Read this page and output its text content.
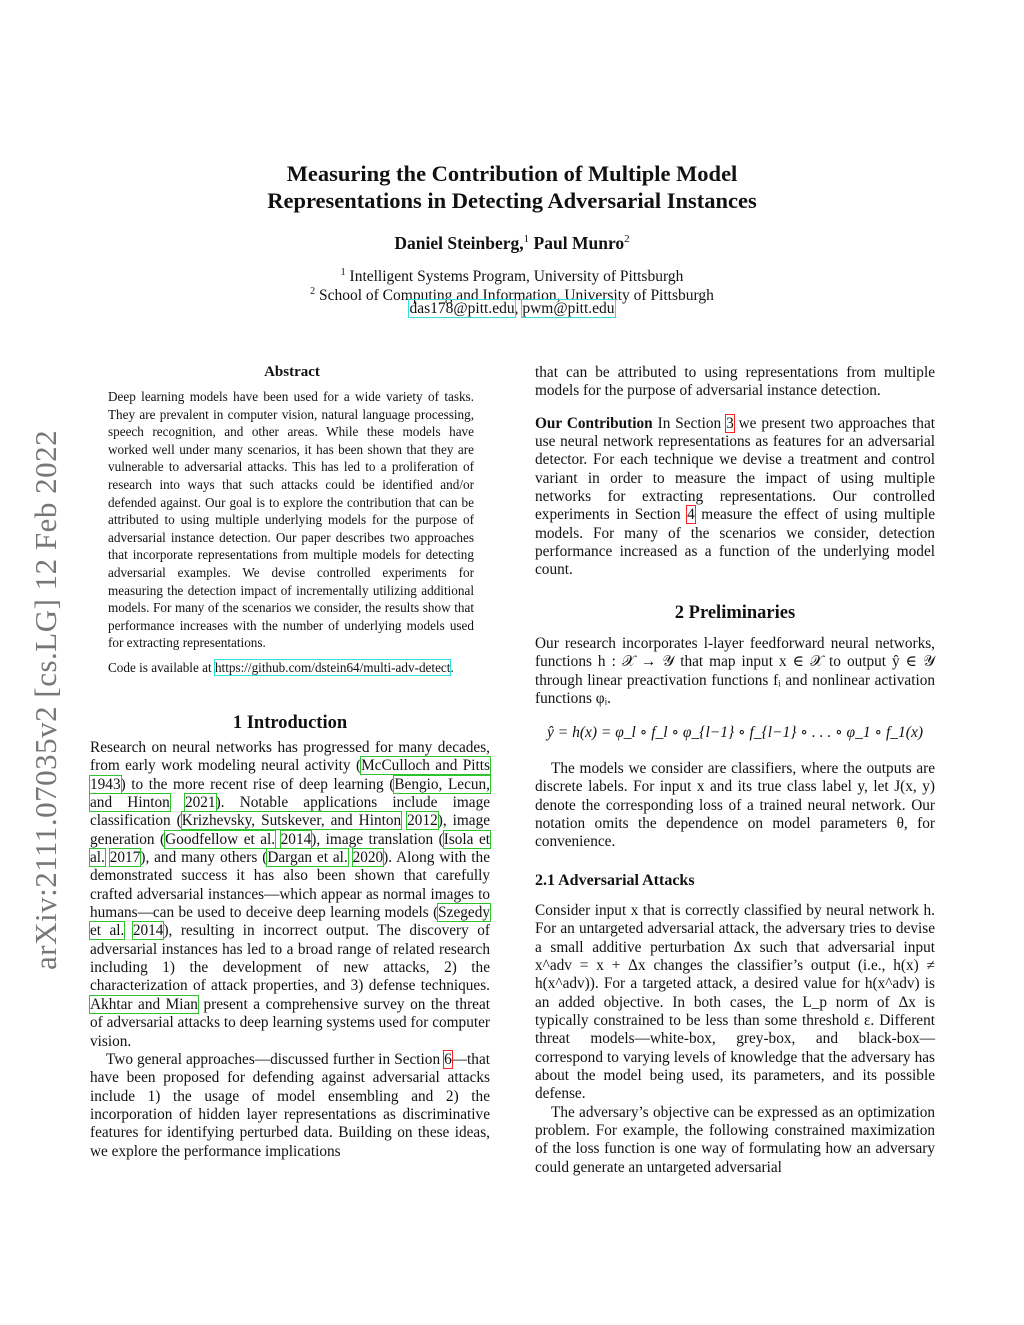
Measuring the Contribution of Multiple Model
Representations in Detecting Adversarial Instances
Daniel Steinberg,$^1$ Paul Munro$^2$
$^1$ Intelligent Systems Program, University of Pittsburgh
$^2$ School of Computing and Information, University of Pittsburgh
das178@pitt.edu, pwm@pitt.edu
arXiv:2111.07035v2 [cs.LG] 12 Feb 2022
Abstract
Deep learning models have been used for a wide variety of tasks. They are prevalent in computer vision, natural language processing, speech recognition, and other areas. While these models have worked well under many scenarios, it has been shown that they are vulnerable to adversarial attacks. This has led to a proliferation of research into ways that such attacks could be identified and/or defended against. Our goal is to explore the contribution that can be attributed to using multiple underlying models for the purpose of adversarial instance detection. Our paper describes two approaches that incorporate representations from multiple models for detecting adversarial examples. We devise controlled experiments for measuring the detection impact of incrementally utilizing additional models. For many of the scenarios we consider, the results show that performance increases with the number of underlying models used for extracting representations.
Code is available at https://github.com/dstein64/multi-adv-detect.
1 Introduction

Research on neural networks has progressed for many decades, from early work modeling neural activity (McCulloch and Pitts 1943) to the more recent rise of deep learning (Bengio, Lecun, and Hinton 2021). Notable applications include image classification (Krizhevsky, Sutskever, and Hinton 2012), image generation (Goodfellow et al. 2014), image translation (Isola et al. 2017), and many others (Dargan et al. 2020). Along with the demonstrated success it has also been shown that carefully crafted adversarial instances—which appear as normal images to humans—can be used to deceive deep learning models (Szegedy et al. 2014), resulting in incorrect output. The discovery of adversarial instances has led to a broad range of related research including 1) the development of new attacks, 2) the characterization of attack properties, and 3) defense techniques. Akhtar and Mian present a comprehensive survey on the threat of adversarial attacks to deep learning systems used for computer vision.

Two general approaches—discussed further in Section 6—that have been proposed for defending against adversarial attacks include 1) the usage of model ensembling and 2) the incorporation of hidden layer representations as discriminative features for identifying perturbed data. Building on these ideas, we explore the performance implications

that can be attributed to using representations from multiple models for the purpose of adversarial instance detection.

Our Contribution In Section 3 we present two approaches that use neural network representations as features for an adversarial detector. For each technique we devise a treatment and control variant in order to measure the impact of using multiple networks for extracting representations. Our controlled experiments in Section 4 measure the effect of using multiple models. For many of the scenarios we consider, detection performance increased as a function of the underlying model count.

2 Preliminaries
Our research incorporates l-layer feedforward neural networks, functions h : 𝒳 → 𝒴 that map input x ∈ 𝒳 to output ŷ ∈ 𝒴 through linear preactivation functions fᵢ and nonlinear activation functions φᵢ.
ŷ = h(x) = φ_l ∘ f_l ∘ φ_{l−1} ∘ f_{l−1} ∘ . . . ∘ φ_1 ∘ f_1(x)
The models we consider are classifiers, where the outputs are discrete labels. For input x and its true class label y, let J(x, y) denote the corresponding loss of a trained neural network. Our notation omits the dependence on model parameters θ, for convenience.
2.1 Adversarial Attacks

Consider input x that is correctly classified by neural network h. For an untargeted adversarial attack, the adversary tries to devise a small additive perturbation Δx such that adversarial input x^adv = x + Δx changes the classifier’s output (i.e., h(x) ≠ h(x^adv)). For a targeted attack, a desired value for h(x^adv) is an added objective. In both cases, the L_p norm of Δx is typically constrained to be less than some threshold ε. Different threat models—white-box, grey-box, and black-box—correspond to varying levels of knowledge that the adversary has about the model being used, its parameters, and its possible defense.

The adversary’s objective can be expressed as an optimization problem. For example, the following constrained maximization of the loss function is one way of formulating how an adversary could generate an untargeted adversarial
